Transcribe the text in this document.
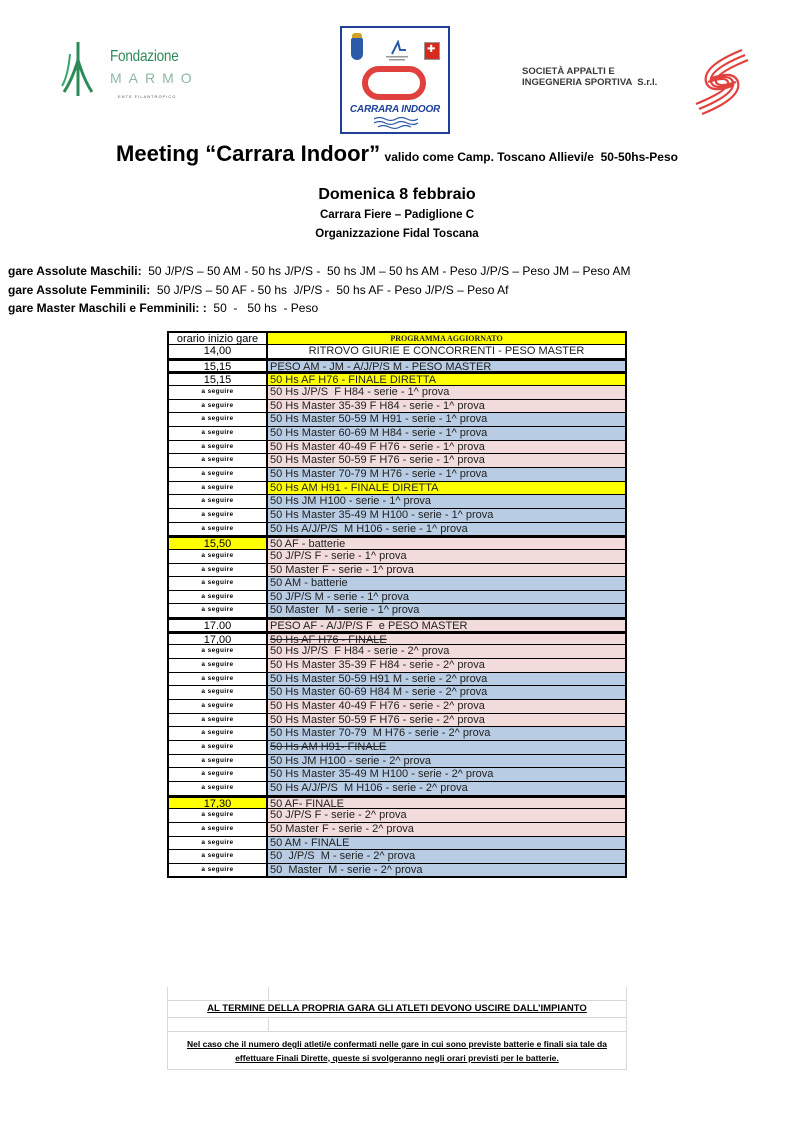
Fondazione
MARMO
ENTE FILANTROPICO
✚
CARRARA INDOOR
SOCIETÀ APPALTI E
INGEGNERIA SPORTIVA  S.r.l.
Meeting “Carrara Indoor” valido come Camp. Toscano Allievi/e  50-50hs-Peso
Domenica 8 febbraio
Carrara Fiere – Padiglione C
Organizzazione Fidal Toscana
gare Assolute Maschili:  50 J/P/S – 50 AM - 50 hs J/P/S -  50 hs JM – 50 hs AM - Peso J/P/S – Peso JM – Peso AM
gare Assolute Femminili:  50 J/P/S – 50 AF - 50 hs  J/P/S -  50 hs AF - Peso J/P/S – Peso Af
gare Master Maschili e Femminili: :  50  -   50 hs  - Peso
orario inizio gare	PROGRAMMA AGGIORNATO
14,00	RITROVO GIURIE E CONCORRENTI - PESO MASTER
15,15	PESO AM - JM - A/J/P/S M - PESO MASTER
15,15	50 Hs AF H76 - FINALE DIRETTA
a seguire	50 Hs J/P/S  F H84 - serie - 1^ prova
a seguire	50 Hs Master 35-39 F H84 - serie - 1^ prova
a seguire	50 Hs Master 50-59 M H91 - serie - 1^ prova
a seguire	50 Hs Master 60-69 M H84 - serie - 1^ prova
a seguire	50 Hs Master 40-49 F H76 - serie - 1^ prova
a seguire	50 Hs Master 50-59 F H76 - serie - 1^ prova
a seguire	50 Hs Master 70-79 M H76 - serie - 1^ prova
a seguire	50 Hs AM H91 - FINALE DIRETTA
a seguire	50 Hs JM H100 - serie - 1^ prova
a seguire	50 Hs Master 35-49 M H100 - serie - 1^ prova
a seguire	50 Hs A/J/P/S  M H106 - serie - 1^ prova
15,50	50 AF - batterie
a seguire	50 J/P/S F - serie - 1^ prova
a seguire	50 Master F - serie - 1^ prova
a seguire	50 AM - batterie
a seguire	50 J/P/S M - serie - 1^ prova
a seguire	50 Master  M - serie - 1^ prova
17.00	PESO AF - A/J/P/S F  e PESO MASTER
17,00	50 Hs AF H76 - FINALE
a seguire	50 Hs J/P/S  F H84 - serie - 2^ prova
a seguire	50 Hs Master 35-39 F H84 - serie - 2^ prova
a seguire	50 Hs Master 50-59 H91 M - serie - 2^ prova
a seguire	50 Hs Master 60-69 H84 M - serie - 2^ prova
a seguire	50 Hs Master 40-49 F H76 - serie - 2^ prova
a seguire	50 Hs Master 50-59 F H76 - serie - 2^ prova
a seguire	50 Hs Master 70-79  M H76 - serie - 2^ prova
a seguire	50 Hs AM H91- FINALE
a seguire	50 Hs JM H100 - serie - 2^ prova
a seguire	50 Hs Master 35-49 M H100 - serie - 2^ prova
a seguire	50 Hs A/J/P/S  M H106 - serie - 2^ prova
17,30	50 AF- FINALE
a seguire	50 J/P/S F - serie - 2^ prova
a seguire	50 Master F - serie - 2^ prova
a seguire	50 AM - FINALE
a seguire	50  J/P/S  M - serie - 2^ prova
a seguire	50  Master  M - serie - 2^ prova
AL TERMINE DELLA PROPRIA GARA GLI ATLETI DEVONO USCIRE DALL’IMPIANTO
Nel caso che il numero degli atleti/e confermati nelle gare in cui sono previste batterie e finali sia tale da effettuare Finali Dirette, queste si svolgeranno negli orari previsti per le batterie.
